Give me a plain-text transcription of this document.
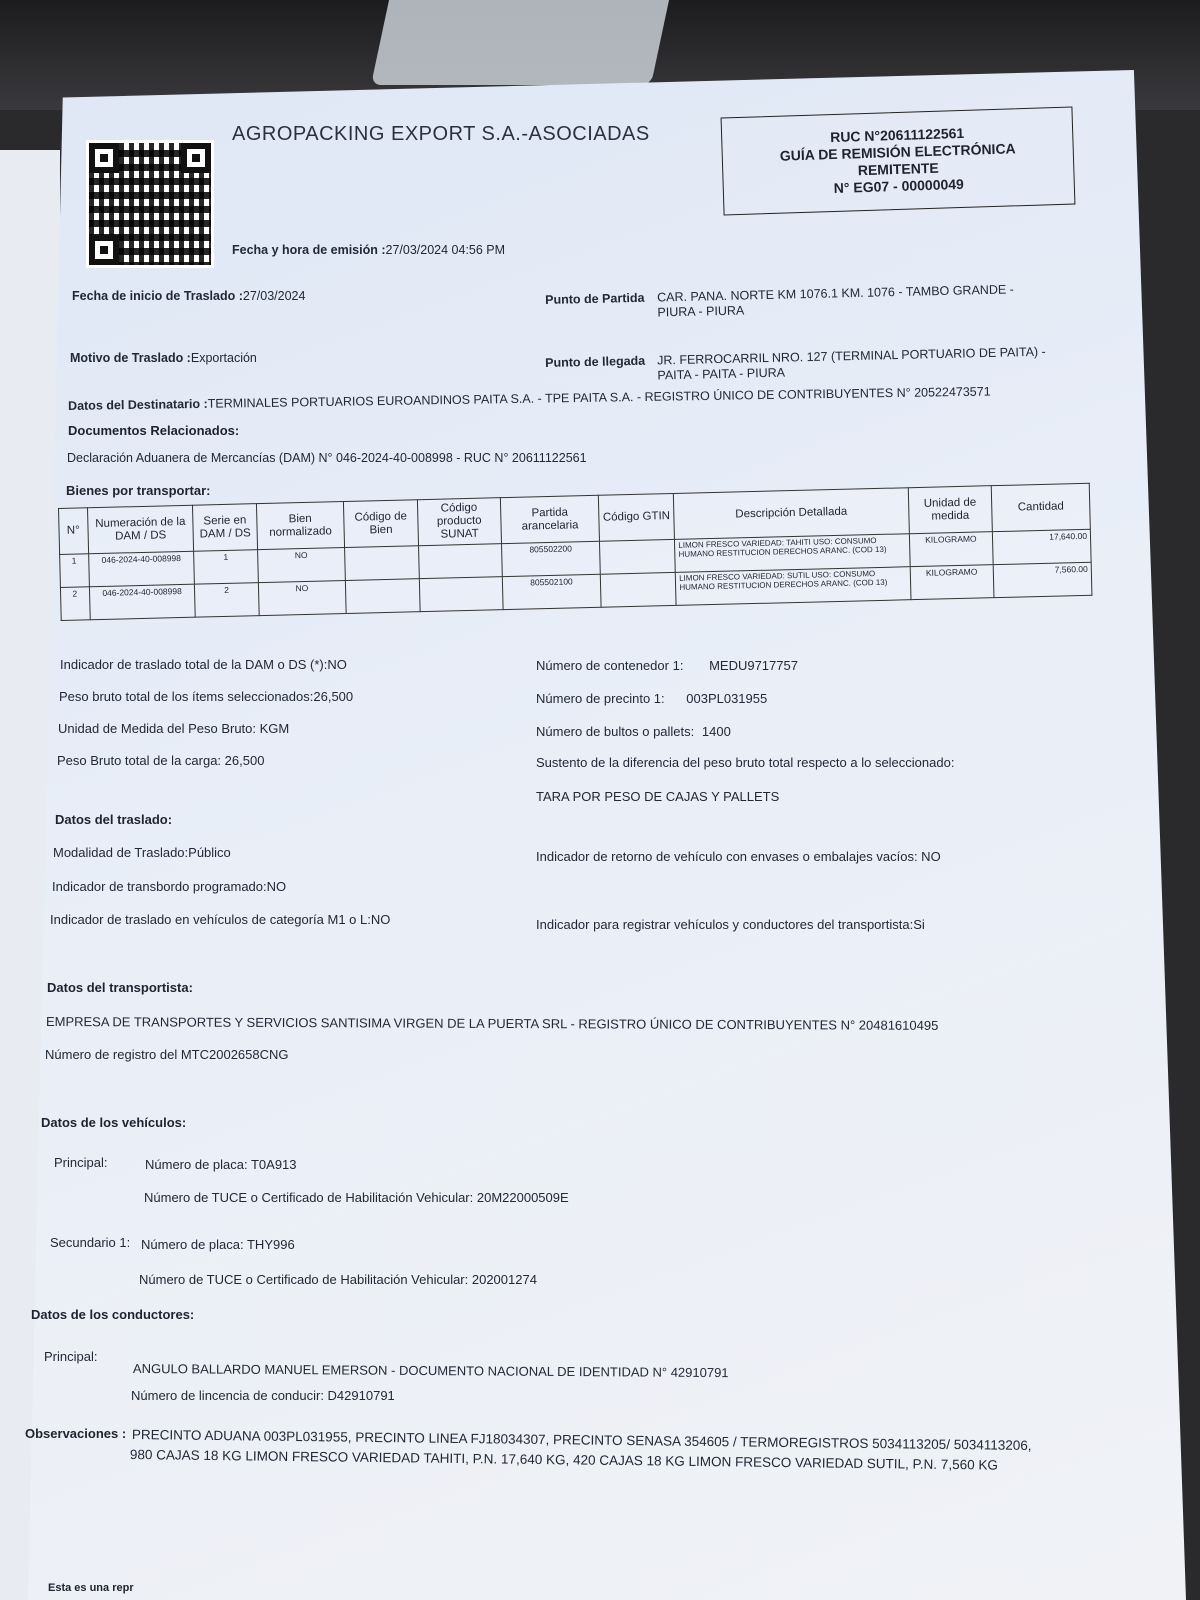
AGROPACKING EXPORT S.A.-ASOCIADAS	RUC N°20611122561
GUÍA DE REMISIÓN ELECTRÓNICA
REMITENTE
N° EG07 - 00000049
Fecha y hora de emisión :27/03/2024 04:56 PM
Fecha de inicio de Traslado :27/03/2024	Punto de Partida CAR. PANA. NORTE KM 1076.1 KM. 1076 - TAMBO GRANDE -
PIURA - PIURA
Motivo de Traslado :Exportación	Punto de llegada JR. FERROCARRIL NRO. 127 (TERMINAL PORTUARIO DE PAITA) -
PAITA - PAITA - PIURA
Datos del Destinatario :TERMINALES PORTUARIOS EUROANDINOS PAITA S.A. - TPE PAITA S.A. - REGISTRO ÚNICO DE CONTRIBUYENTES N° 20522473571
Documentos Relacionados:
Declaración Aduanera de Mercancías (DAM) N° 046-2024-40-008998 - RUC N° 20611122561
Bienes por transportar:
N°	Numeración de la DAM / DS	Serie en DAM / DS	Bien normalizado	Código de Bien	Código producto SUNAT	Partida arancelaria	Código GTIN	Descripción Detallada	Unidad de medida	Cantidad
1	046-2024-40-008998	1	NO			805502200		LIMON FRESCO VARIEDAD: TAHITI USO: CONSUMO HUMANO RESTITUCION DERECHOS ARANC. (COD 13)	KILOGRAMO	17,640.00
2	046-2024-40-008998	2	NO			805502100		LIMON FRESCO VARIEDAD: SUTIL USO: CONSUMO HUMANO RESTITUCION DERECHOS ARANC. (COD 13)	KILOGRAMO	7,560.00
Indicador de traslado total de la DAM o DS (*):NO
Peso bruto total de los ítems seleccionados:26,500
Unidad de Medida del Peso Bruto: KGM
Peso Bruto total de la carga: 26,500
Número de contenedor 1: MEDU9717757
Número de precinto 1: 003PL031955
Número de bultos o pallets: 1400
Sustento de la diferencia del peso bruto total respecto a lo seleccionado:
TARA POR PESO DE CAJAS Y PALLETS
Datos del traslado:
Modalidad de Traslado:Público	Indicador de retorno de vehículo con envases o embalajes vacíos: NO
Indicador de transbordo programado:NO
Indicador de traslado en vehículos de categoría M1 o L:NO	Indicador para registrar vehículos y conductores del transportista:Si
Datos del transportista:
EMPRESA DE TRANSPORTES Y SERVICIOS SANTISIMA VIRGEN DE LA PUERTA SRL - REGISTRO ÚNICO DE CONTRIBUYENTES N° 20481610495
Número de registro del MTC2002658CNG
Datos de los vehículos:
Principal:	Número de placa: T0A913
Número de TUCE o Certificado de Habilitación Vehicular: 20M22000509E
Secundario 1: Número de placa: THY996
Número de TUCE o Certificado de Habilitación Vehicular: 202001274
Datos de los conductores:
Principal:
ANGULO BALLARDO MANUEL EMERSON - DOCUMENTO NACIONAL DE IDENTIDAD N° 42910791
Número de lincencia de conducir: D42910791
Observaciones : PRECINTO ADUANA 003PL031955, PRECINTO LINEA FJ18034307, PRECINTO SENASA 354605 / TERMOREGISTROS 5034113205/ 5034113206,
980 CAJAS 18 KG LIMON FRESCO VARIEDAD TAHITI, P.N. 17,640 KG, 420 CAJAS 18 KG LIMON FRESCO VARIEDAD SUTIL, P.N. 7,560 KG
Esta es una repr
